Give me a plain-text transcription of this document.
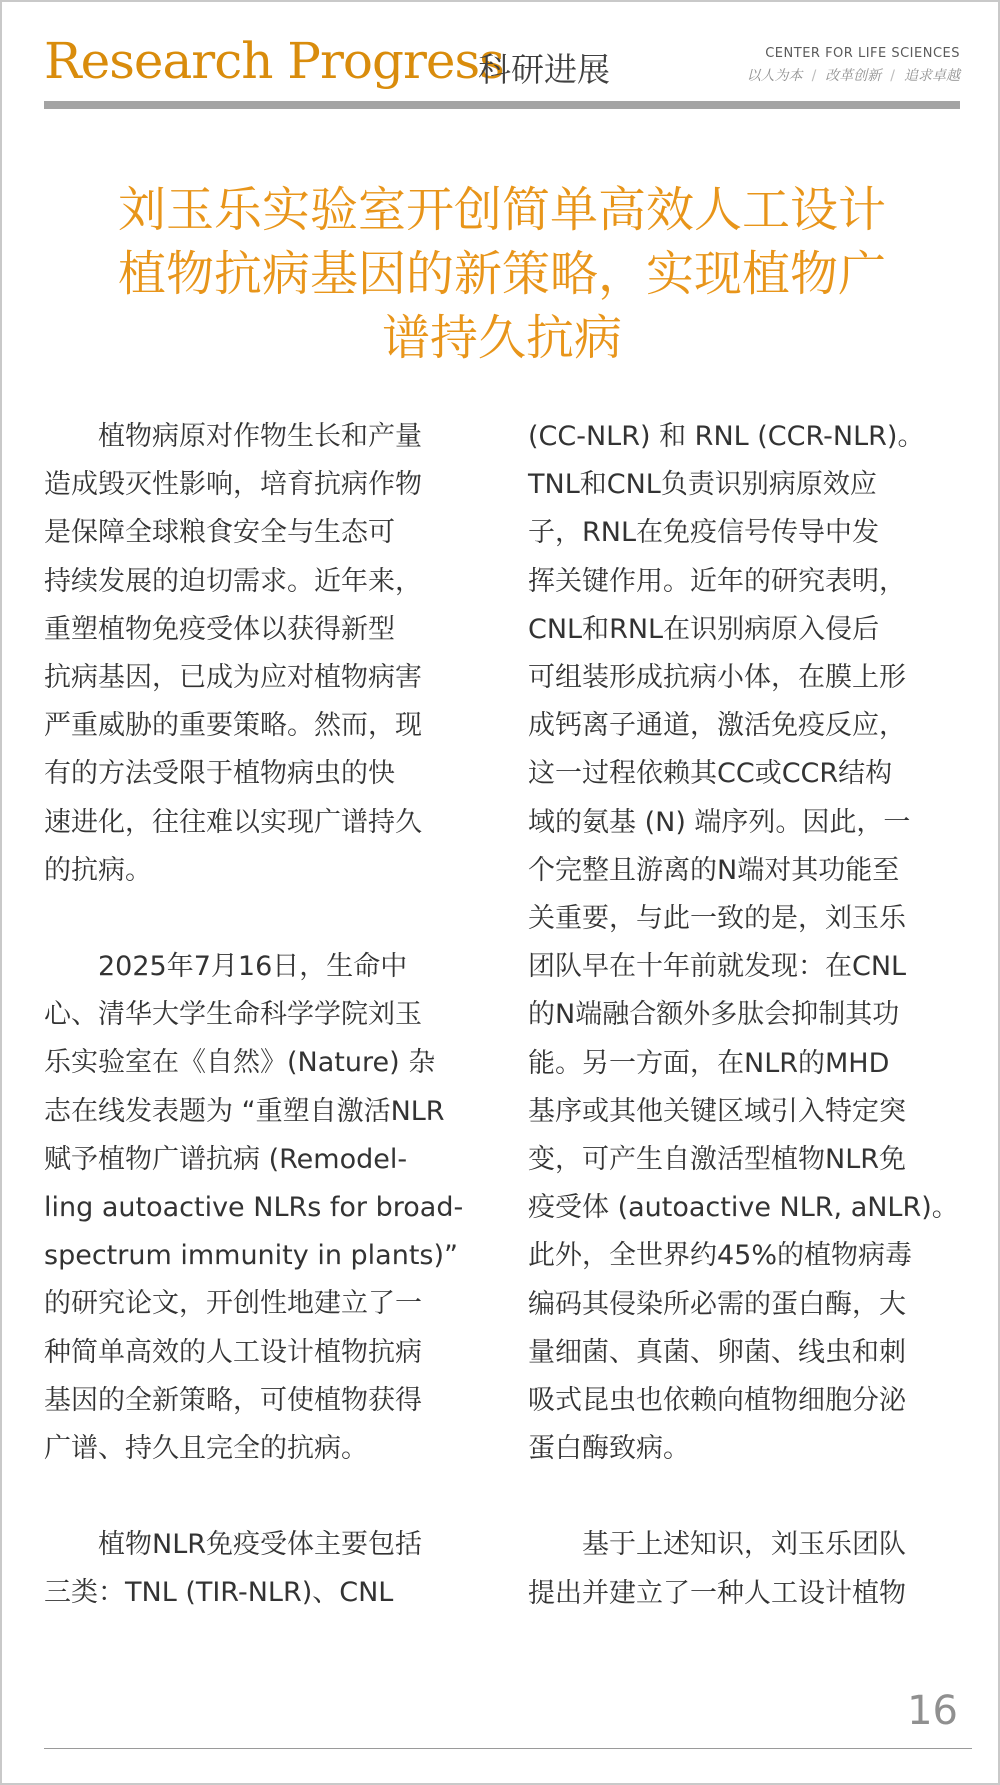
Research Progress
科研进展	CENTER FOR LIFE SCIENCES
以人为本 / 改革创新 / 追求卓越
刘玉乐实验室开创简单高效人工设计
植物抗病基因的新策略，实现植物广
谱持久抗病

　　植物病原对作物生长和产量
造成毁灭性影响，培育抗病作物
是保障全球粮食安全与生态可
持续发展的迫切需求。近年来，
重塑植物免疫受体以获得新型
抗病基因，已成为应对植物病害
严重威胁的重要策略。然而，现
有的方法受限于植物病虫的快
速进化，往往难以实现广谱持久
的抗病。

　　2025年7月16日，生命中
心、清华大学生命科学学院刘玉
乐实验室在《自然》(Nature) 杂
志在线发表题为 “重塑自激活NLR
赋予植物广谱抗病 (Remodel-
ling autoactive NLRs for broad-
spectrum immunity in plants)”
的研究论文，开创性地建立了一
种简单高效的人工设计植物抗病
基因的全新策略，可使植物获得
广谱、持久且完全的抗病。

　　植物NLR免疫受体主要包括
三类：TNL (TIR-NLR)、CNL

(CC-NLR) 和 RNL (CCR-NLR)。
TNL和CNL负责识别病原效应
子，RNL在免疫信号传导中发
挥关键作用。近年的研究表明，
CNL和RNL在识别病原入侵后
可组装形成抗病小体，在膜上形
成钙离子通道，激活免疫反应，
这一过程依赖其CC或CCR结构
域的氨基 (N) 端序列。因此，一
个完整且游离的N端对其功能至
关重要，与此一致的是，刘玉乐
团队早在十年前就发现：在CNL
的N端融合额外多肽会抑制其功
能。另一方面，在NLR的MHD
基序或其他关键区域引入特定突
变，可产生自激活型植物NLR免
疫受体 (autoactive NLR, aNLR)。
此外，全世界约45%的植物病毒
编码其侵染所必需的蛋白酶，大
量细菌、真菌、卵菌、线虫和刺
吸式昆虫也依赖向植物细胞分泌
蛋白酶致病。

　　基于上述知识，刘玉乐团队
提出并建立了一种人工设计植物

16
